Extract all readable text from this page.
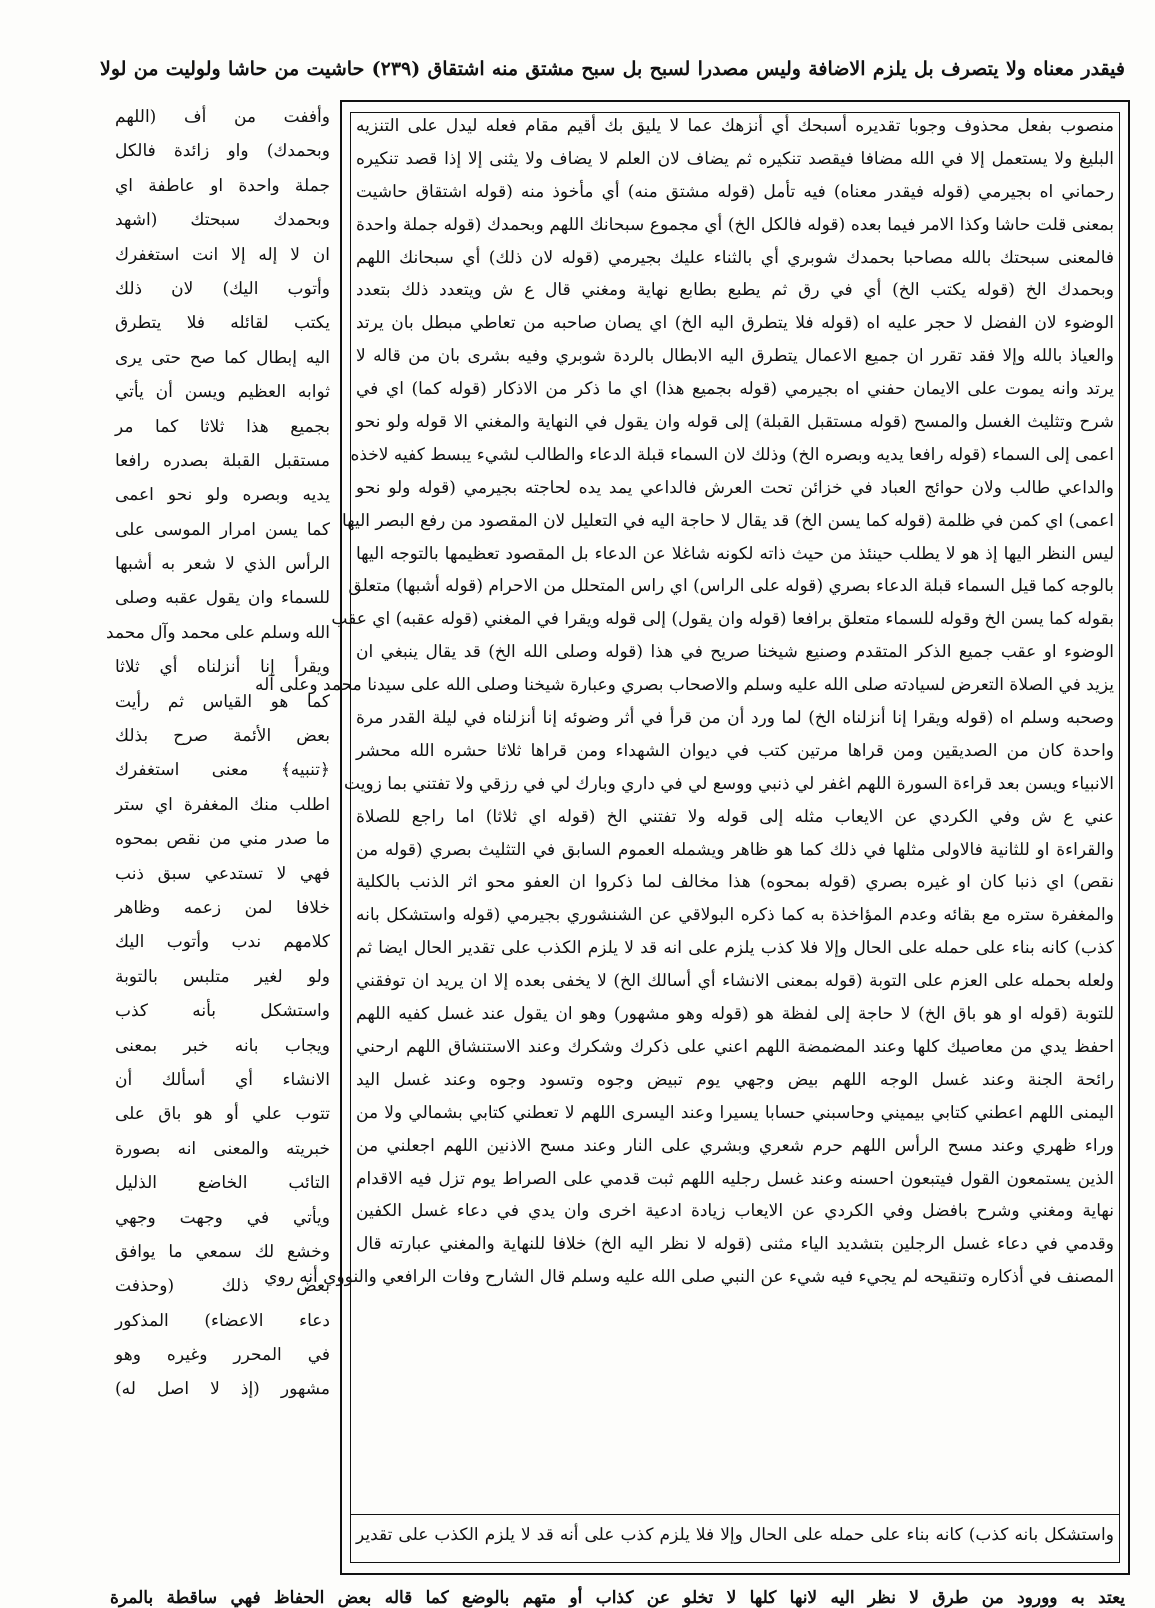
فيقدر معناه ولا يتصرف بل يلزم الاضافة وليس مصدرا لسبح بل سبح مشتق منه اشتقاق (٢٣٩) حاشيت من حاشا ولوليت من لولا
وأففت من أف (اللهم
وبحمدك) واو زائدة فالكل
جملة واحدة او عاطفة اي
وبحمدك سبحتك (اشهد
ان لا إله إلا انت استغفرك
وأتوب اليك) لان ذلك
يكتب لقائله فلا يتطرق
اليه إبطال كما صح حتى يرى
ثوابه العظيم ويسن أن يأتي
بجميع هذا ثلاثا كما مر
مستقبل القبلة بصدره رافعا
يديه وبصره ولو نحو اعمى
كما يسن امرار الموسى على
الرأس الذي لا شعر به أشبها
للسماء وان يقول عقبه وصلى
الله وسلم على محمد وآل محمد
ويقرأ إنا أنزلناه أي ثلاثا
كما هو القياس ثم رأيت
بعض الأئمة صرح بذلك
﴿تنبيه﴾ معنى استغفرك
اطلب منك المغفرة اي ستر
ما صدر مني من نقص بمحوه
فهي لا تستدعي سبق ذنب
خلافا لمن زعمه وظاهر
كلامهم ندب وأتوب اليك
ولو لغير متلبس بالتوبة
واستشكل بأنه كذب
ويجاب بانه خبر بمعنى
الانشاء أي أسألك أن
تتوب علي أو هو باق على
خبريته والمعنى انه بصورة
التائب الخاضع الذليل
ويأتي في وجهت وجهي
وخشع لك سمعي ما يوافق
بعض ذلك (وحذفت
دعاء الاعضاء) المذكور
في المحرر وغيره وهو
مشهور (إذ لا اصل له)
منصوب بفعل محذوف وجوبا تقديره أسبحك أي أنزهك عما لا يليق بك أقيم مقام فعله ليدل على التنزيه
البليغ ولا يستعمل إلا في الله مضافا فيقصد تنكيره ثم يضاف لان العلم لا يضاف ولا يثنى إلا إذا قصد تنكيره
رحماني اه بجيرمي (قوله فيقدر معناه) فيه تأمل (قوله مشتق منه) أي مأخوذ منه (قوله اشتقاق حاشيت
بمعنى قلت حاشا وكذا الامر فيما بعده (قوله فالكل الخ) أي مجموع سبحانك اللهم وبحمدك (قوله جملة واحدة
فالمعنى سبحتك بالله مصاحبا بحمدك شوبري أي بالثناء عليك بجيرمي (قوله لان ذلك) أي سبحانك اللهم
وبحمدك الخ (قوله يكتب الخ) أي في رق ثم يطبع بطابع نهاية ومغني قال ع ش ويتعدد ذلك بتعدد
الوضوء لان الفضل لا حجر عليه اه (قوله فلا يتطرق اليه الخ) اي يصان صاحبه من تعاطي مبطل بان يرتد
والعياذ بالله وإلا فقد تقرر ان جميع الاعمال يتطرق اليه الابطال بالردة شوبري وفيه بشرى بان من قاله لا
يرتد وانه يموت على الايمان حفني اه بجيرمي (قوله بجميع هذا) اي ما ذكر من الاذكار (قوله كما) اي في
شرح وتثليث الغسل والمسح (قوله مستقبل القبلة) إلى قوله وان يقول في النهاية والمغني الا قوله ولو نحو
اعمى إلى السماء (قوله رافعا يديه وبصره الخ) وذلك لان السماء قبلة الدعاء والطالب لشيء يبسط كفيه لاخذه
والداعي طالب ولان حوائج العباد في خزائن تحت العرش فالداعي يمد يده لحاجته بجيرمي (قوله ولو نحو
اعمى) اي كمن في ظلمة (قوله كما يسن الخ) قد يقال لا حاجة اليه في التعليل لان المقصود من رفع البصر اليها
ليس النظر اليها إذ هو لا يطلب حينئذ من حيث ذاته لكونه شاغلا عن الدعاء بل المقصود تعظيمها بالتوجه اليها
بالوجه كما قيل السماء قبلة الدعاء بصري (قوله على الراس) اي راس المتحلل من الاحرام (قوله أشبها) متعلق
بقوله كما يسن الخ وقوله للسماء متعلق برافعا (قوله وان يقول) إلى قوله ويقرا في المغني (قوله عقبه) اي عقب
الوضوء او عقب جميع الذكر المتقدم وصنيع شيخنا صريح في هذا (قوله وصلى الله الخ) قد يقال ينبغي ان
يزيد في الصلاة التعرض لسيادته صلى الله عليه وسلم والاصحاب بصري وعبارة شيخنا وصلى الله على سيدنا محمد وعلى آله
وصحبه وسلم اه (قوله ويقرا إنا أنزلناه الخ) لما ورد أن من قرأ في أثر وضوئه إنا أنزلناه في ليلة القدر مرة
واحدة كان من الصديقين ومن قراها مرتين كتب في ديوان الشهداء ومن قراها ثلاثا حشره الله محشر
الانبياء ويسن بعد قراءة السورة اللهم اغفر لي ذنبي ووسع لي في داري وبارك لي في رزقي ولا تفتني بما زويت
عني ع ش وفي الكردي عن الايعاب مثله إلى قوله ولا تفتني الخ (قوله اي ثلاثا) اما راجع للصلاة
والقراءة او للثانية فالاولى مثلها في ذلك كما هو ظاهر ويشمله العموم السابق في التثليث بصري (قوله من
نقص) اي ذنبا كان او غيره بصري (قوله بمحوه) هذا مخالف لما ذكروا ان العفو محو اثر الذنب بالكلية
والمغفرة ستره مع بقائه وعدم المؤاخذة به كما ذكره البولاقي عن الشنشوري بجيرمي (قوله واستشكل بانه
كذب) كانه بناء على حمله على الحال وإلا فلا كذب يلزم على انه قد لا يلزم الكذب على تقدير الحال ايضا ثم
ولعله بحمله على العزم على التوبة (قوله بمعنى الانشاء أي أسالك الخ) لا يخفى بعده إلا ان يريد ان توفقني
للتوبة (قوله او هو باق الخ) لا حاجة إلى لفظة هو (قوله وهو مشهور) وهو ان يقول عند غسل كفيه اللهم
احفظ يدي من معاصيك كلها وعند المضمضة اللهم اعني على ذكرك وشكرك وعند الاستنشاق اللهم ارحني
رائحة الجنة وعند غسل الوجه اللهم بيض وجهي يوم تبيض وجوه وتسود وجوه وعند غسل اليد
اليمنى اللهم اعطني كتابي بيميني وحاسبني حسابا يسيرا وعند اليسرى اللهم لا تعطني كتابي بشمالي ولا من
وراء ظهري وعند مسح الرأس اللهم حرم شعري وبشري على النار وعند مسح الاذنين اللهم اجعلني من
الذين يستمعون القول فيتبعون احسنه وعند غسل رجليه اللهم ثبت قدمي على الصراط يوم تزل فيه الاقدام
نهاية ومغني وشرح بافضل وفي الكردي عن الايعاب زيادة ادعية اخرى وان يدي في دعاء غسل الكفين
وقدمي في دعاء غسل الرجلين بتشديد الياء مثنى (قوله لا نظر اليه الخ) خلافا للنهاية والمغني عبارته قال
المصنف في أذكاره وتنقيحه لم يجيء فيه شيء عن النبي صلى الله عليه وسلم قال الشارح وفات الرافعي والنووي أنه روي
واستشكل بانه كذب) كانه بناء على حمله على الحال وإلا فلا يلزم كذب على أنه قد لا يلزم الكذب على تقدير
يعتد به وورود من طرق لا نظر اليه لانها كلها لا تخلو عن كذاب أو متهم بالوضع كما قاله بعض الحفاظ فهي ساقطة بالمرة
